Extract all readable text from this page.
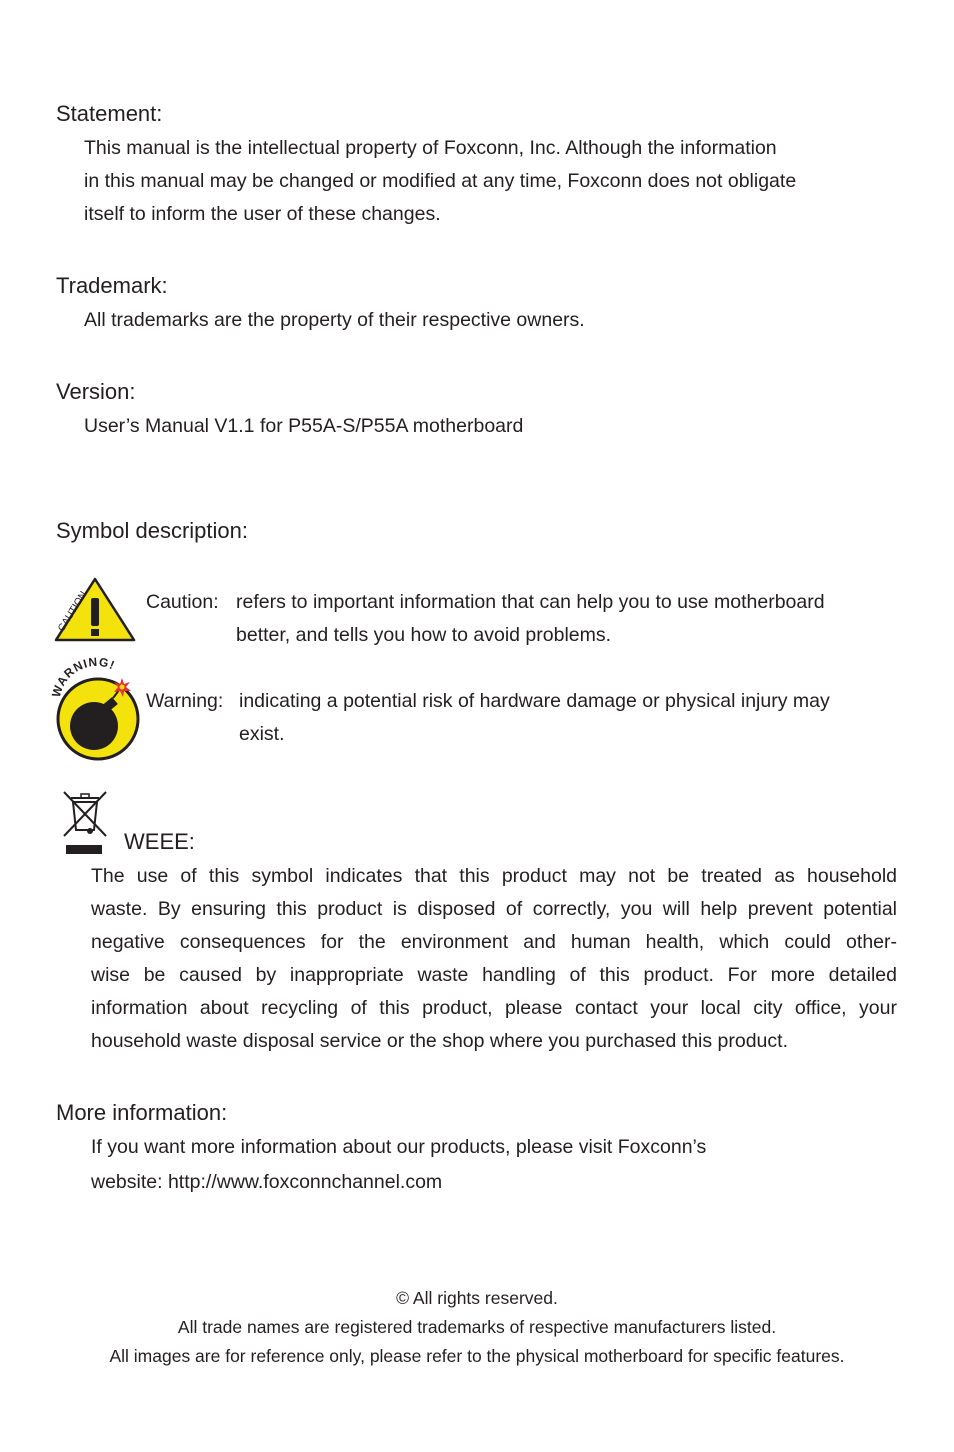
Statement:
This manual is the intellectual property of Foxconn, Inc. Although the information
in this manual may be changed or modified at any time, Foxconn does not obligate
itself to inform the user of these changes.
Trademark:
All trademarks are the property of their respective owners.
Version:
User’s Manual V1.1 for P55A-S/P55A motherboard
Symbol description:
CAUTION	Caution: refers to important information that can help you to use motherboard
better, and tells you how to avoid problems.
WARNING!
Warning: indicating a potential risk of hardware damage or physical injury may
exist.
WEEE:
The use of this symbol indicates that this product may not be treated as household
waste. By ensuring this product is disposed of correctly, you will help prevent potential
negative consequences for the environment and human health, which could other-
wise be caused by inappropriate waste handling of this product. For more detailed
information about recycling of this product, please contact your local city office, your
household waste disposal service or the shop where you purchased this product.
More information:
If you want more information about our products, please visit Foxconn’s
website: http://www.foxconnchannel.com
© All rights reserved.
All trade names are registered trademarks of respective manufacturers listed.
All images are for reference only, please refer to the physical motherboard for specific features.
